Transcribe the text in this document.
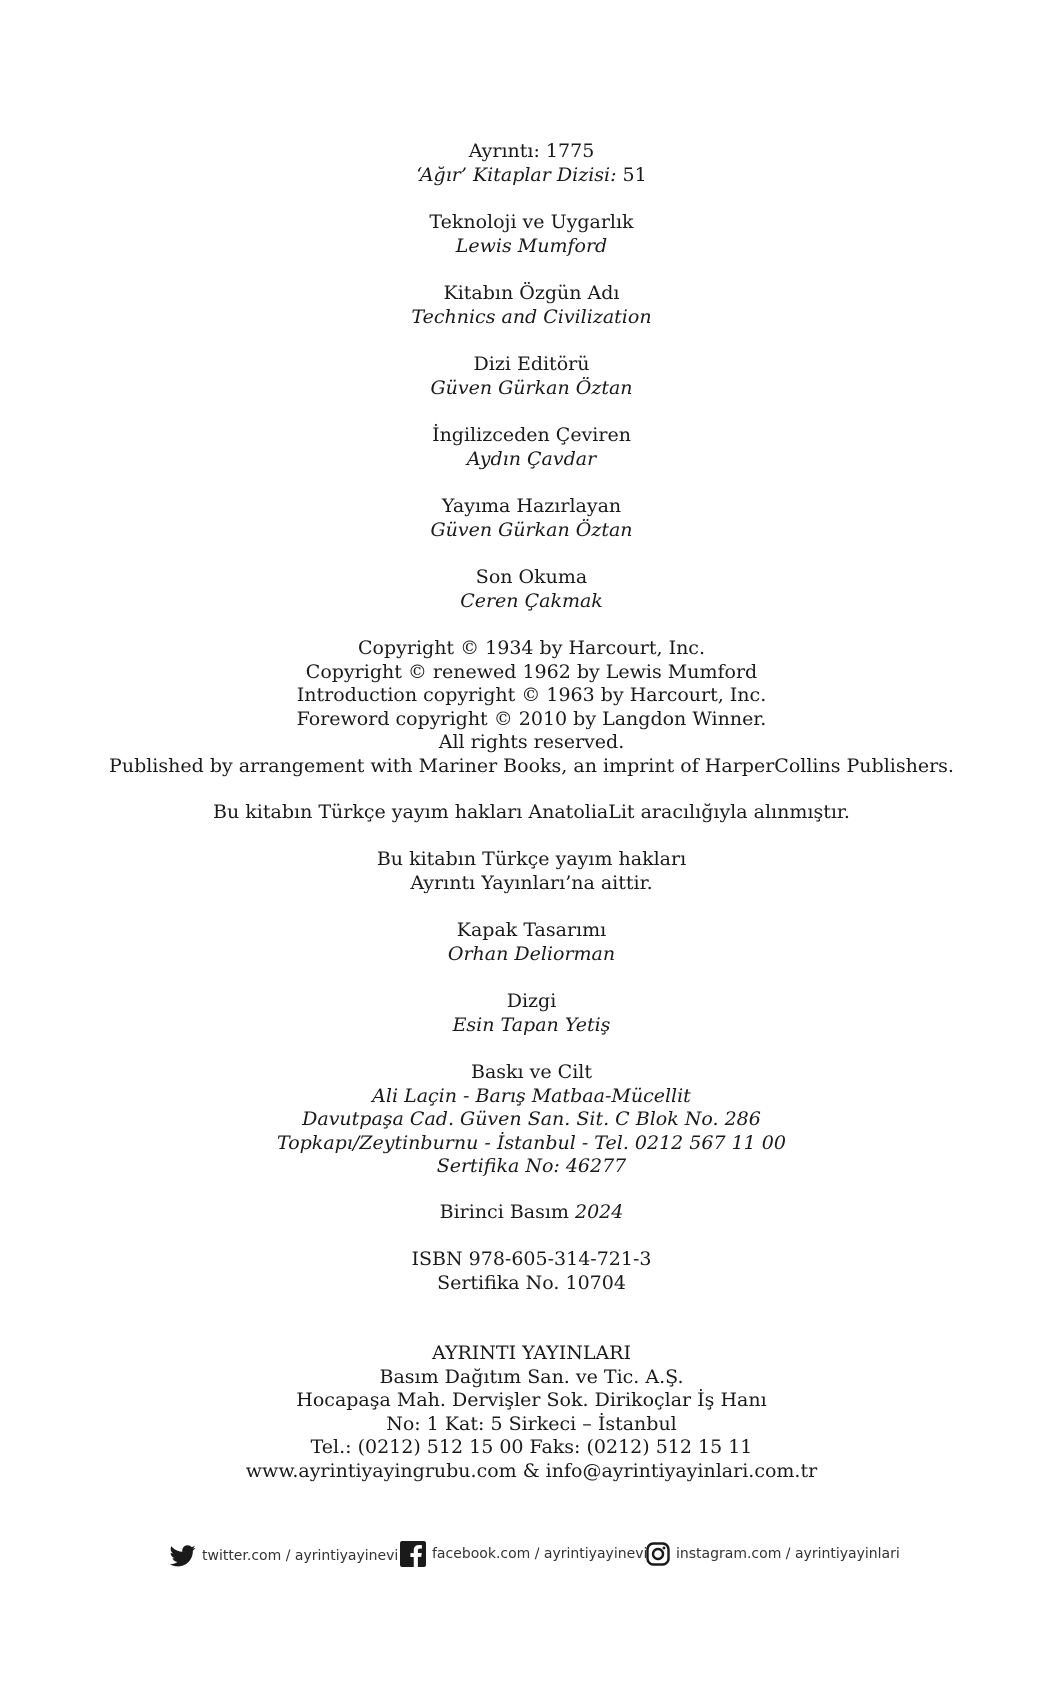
Ayrıntı: 1775
‘Ağır’ Kitaplar Dizisi: 51
Teknoloji ve Uygarlık
Lewis Mumford
Kitabın Özgün Adı
Technics and Civilization
Dizi Editörü
Güven Gürkan Öztan
İngilizceden Çeviren
Aydın Çavdar
Yayıma Hazırlayan
Güven Gürkan Öztan
Son Okuma
Ceren Çakmak
Copyright © 1934 by Harcourt, Inc.
Copyright © renewed 1962 by Lewis Mumford
Introduction copyright © 1963 by Harcourt, Inc.
Foreword copyright © 2010 by Langdon Winner.
All rights reserved.
Published by arrangement with Mariner Books, an imprint of HarperCollins Publishers.
Bu kitabın Türkçe yayım hakları AnatoliaLit aracılığıyla alınmıştır.
Bu kitabın Türkçe yayım hakları
Ayrıntı Yayınları’na aittir.
Kapak Tasarımı
Orhan Deliorman
Dizgi
Esin Tapan Yetiş
Baskı ve Cilt
Ali Laçin - Barış Matbaa-Mücellit
Davutpaşa Cad. Güven San. Sit. C Blok No. 286
Topkapı/Zeytinburnu - İstanbul - Tel. 0212 567 11 00
Sertifika No: 46277
Birinci Basım 2024
ISBN 978-605-314-721-3
Sertifika No. 10704
AYRINTI YAYINLARI
Basım Dağıtım San. ve Tic. A.Ş.
Hocapaşa Mah. Dervişler Sok. Dirikoçlar İş Hanı
No: 1 Kat: 5 Sirkeci – İstanbul
Tel.: (0212) 512 15 00 Faks: (0212) 512 15 11
www.ayrintiyayingrubu.com & info@ayrintiyayinlari.com.tr
twitter.com / ayrintiyayinevi facebook.com / ayrintiyayinevi instagram.com / ayrintiyayinlari
